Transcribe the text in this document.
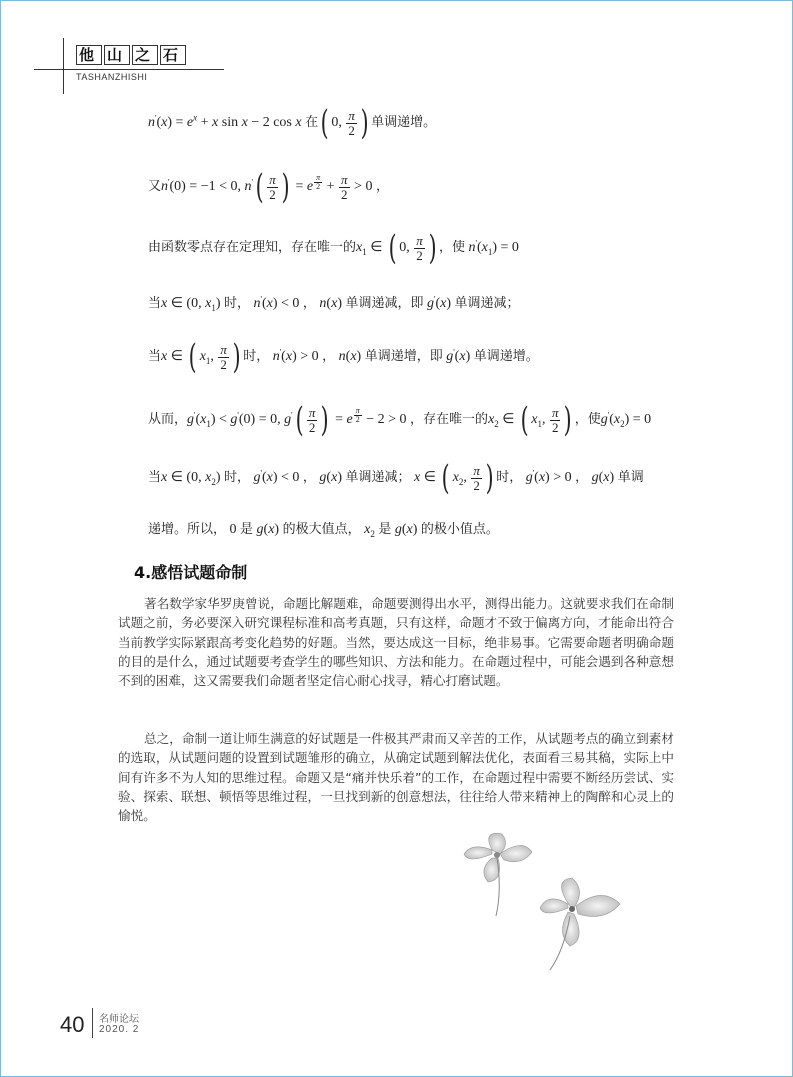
他 山 之 石
TASHANZHISHI
$n'(x) = e^x + x$ sin x − 2 cos x 在( 0, $\frac{\pi}{2}$ ) 单调递增。
又n'(0) = −1 < 0, $n'( \frac{\pi}{2}$ ) = e $^{\frac{\pi}{2}} + \frac{\pi}{2} > 0$ ，
由函数零点存在定理知，存在唯一的$x_1$ ∈ ( 0, $\frac{\pi}{2}$ ) ，使 $n'(x_1) = 0$
当x ∈ (0, $x_1$) 时， n'(x) < 0 ， n(x) 单调递减，即 g'(x) 单调递减；
当x ∈ ( $x_1$, $\frac{\pi}{2}$ ) 时， n'(x) > 0 ， n(x) 单调递增，即 g'(x) 单调递增。
从而，$g'(x_1) < g'(0) = 0$, $g'( \frac{\pi}{2}$ ) = e $^{\frac{\pi}{2}}$ − 2 > 0 ，存在唯一的$x_2$ ∈ ( $x_1$, $\frac{\pi}{2}$ ) ，使$g'(x_2) = 0$
当x ∈ (0, $x_2$) 时， g'(x) < 0 ， g(x) 单调递减； x ∈ ( $x_2$, $\frac{\pi}{2}$ ) 时， g'(x) > 0 ， g(x) 单调
递增。所以， 0 是 g(x) 的极大值点， $x_2$ 是 g(x) 的极小值点。
4.感悟试题命制
著名数学家华罗庚曾说，命题比解题难，命题要测得出水平，测得出能力。这就要求我们在命制试题之前，务必要深入研究课程标准和高考真题，只有这样，命题才不致于偏离方向，才能命出符合当前教学实际紧跟高考变化趋势的好题。当然，要达成这一目标，绝非易事。它需要命题者明确命题的目的是什么，通过试题要考查学生的哪些知识、方法和能力。在命题过程中，可能会遇到各种意想不到的困难，这又需要我们命题者坚定信心耐心找寻，精心打磨试题。
总之，命制一道让师生满意的好试题是一件极其严肃而又辛苦的工作，从试题考点的确立到素材的选取，从试题问题的设置到试题雏形的确立，从确定试题到解法优化，表面看三易其稿，实际上中间有许多不为人知的思维过程。命题又是“痛并快乐着”的工作，在命题过程中需要不断经历尝试、实验、探索、联想、顿悟等思维过程，一旦找到新的创意想法，往往给人带来精神上的陶醉和心灵上的愉悦。
40 名师论坛
2020. 2
